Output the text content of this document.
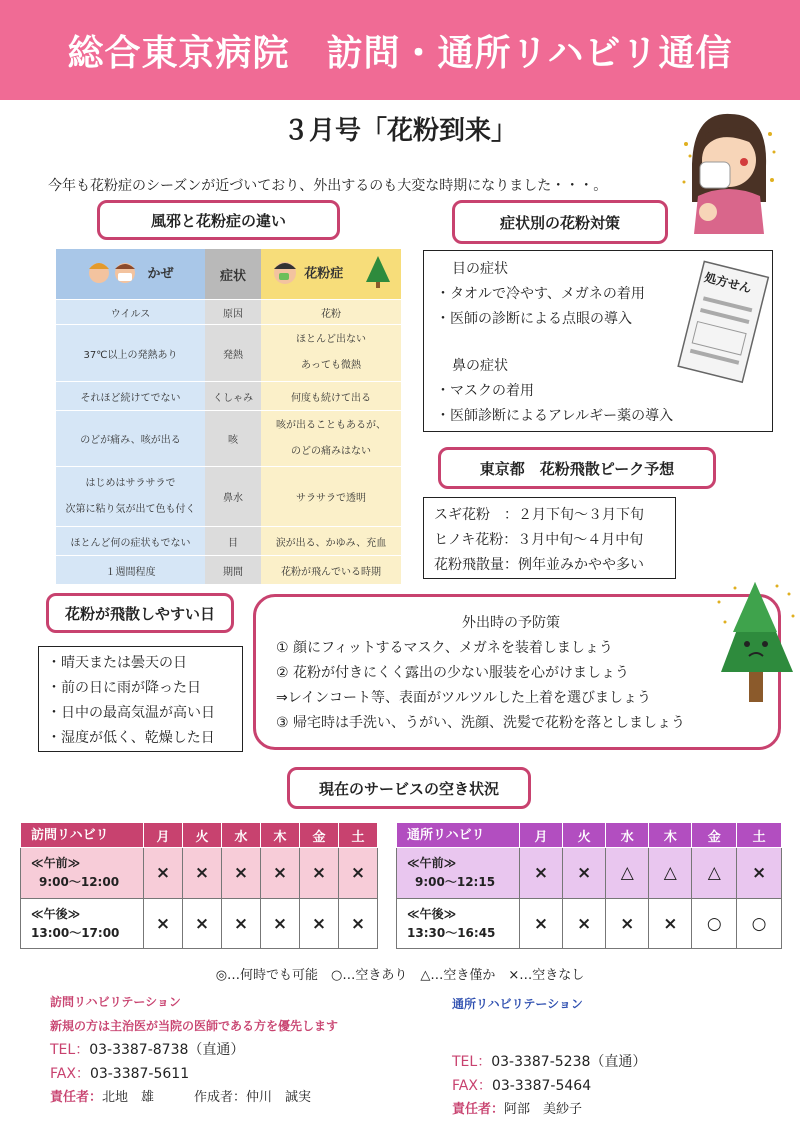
総合東京病院　訪問・通所リハビリ通信
３月号「花粉到来」
今年も花粉症のシーズンが近づいており、外出するのも大変な時期になりました・・・。
風邪と花粉症の違い	症状別の花粉対策
かぜ	症状	花粉症
ウイルス	原因	花粉
37℃以上の発熱あり	発熱	ほとんど出ない
あっても微熱
それほど続けてでない	くしゃみ	何度も続けて出る
のどが痛み、咳が出る	咳	咳が出ることもあるが、
のどの痛みはない
はじめはサラサラで
次第に粘り気が出て色も付く	鼻水	サラサラで透明
ほとんど何の症状もでない	目	涙が出る、かゆみ、充血
１週間程度	期間	花粉が飛んでいる時期
目の症状
・タオルで冷やす、メガネの着用
・医師の診断による点眼の導入
鼻の症状
・マスクの着用
・医師診断によるアレルギー薬の導入
処方せん
東京都　花粉飛散ピーク予想
スギ花粉　：２月下旬～３月下旬
ヒノキ花粉：３月中旬～４月中旬
花粉飛散量：例年並みかやや多い
花粉が飛散しやすい日
・晴天または曇天の日
・前の日に雨が降った日
・日中の最高気温が高い日
・湿度が低く、乾燥した日
外出時の予防策
① 顔にフィットするマスク、メガネを装着しましょう
② 花粉が付きにくく露出の少ない服装を心がけましょう
⇒レインコート等、表面がツルツルした上着を選びましょう
③ 帰宅時は手洗い、うがい、洗顔、洗髪で花粉を落としましょう
現在のサービスの空き状況
訪問リハビリ	月	火	水	木	金	土

≪午前≫
9:00～12:00	×	×	×	×	×	×

≪午後≫
13:00～17:00	×	×	×	×	×	×
通所リハビリ	月	火	水	木	金	土

≪午前≫
9:00～12:15	×	×	△	△	△	×

≪午後≫
13:30～16:45	×	×	×	×	○	○
◎…何時でも可能　○…空きあり　△…空き僅か　×…空きなし
訪問リハビリテーション
新規の方は主治医が当院の医師である方を優先します
TEL：03-3387-8738（直通）
FAX：03-3387-5611
責任者：北地　雄	作成者：仲川　誠実
通所リハビリテーション
TEL：03-3387-5238（直通）
FAX：03-3387-5464
責任者：阿部　美紗子
